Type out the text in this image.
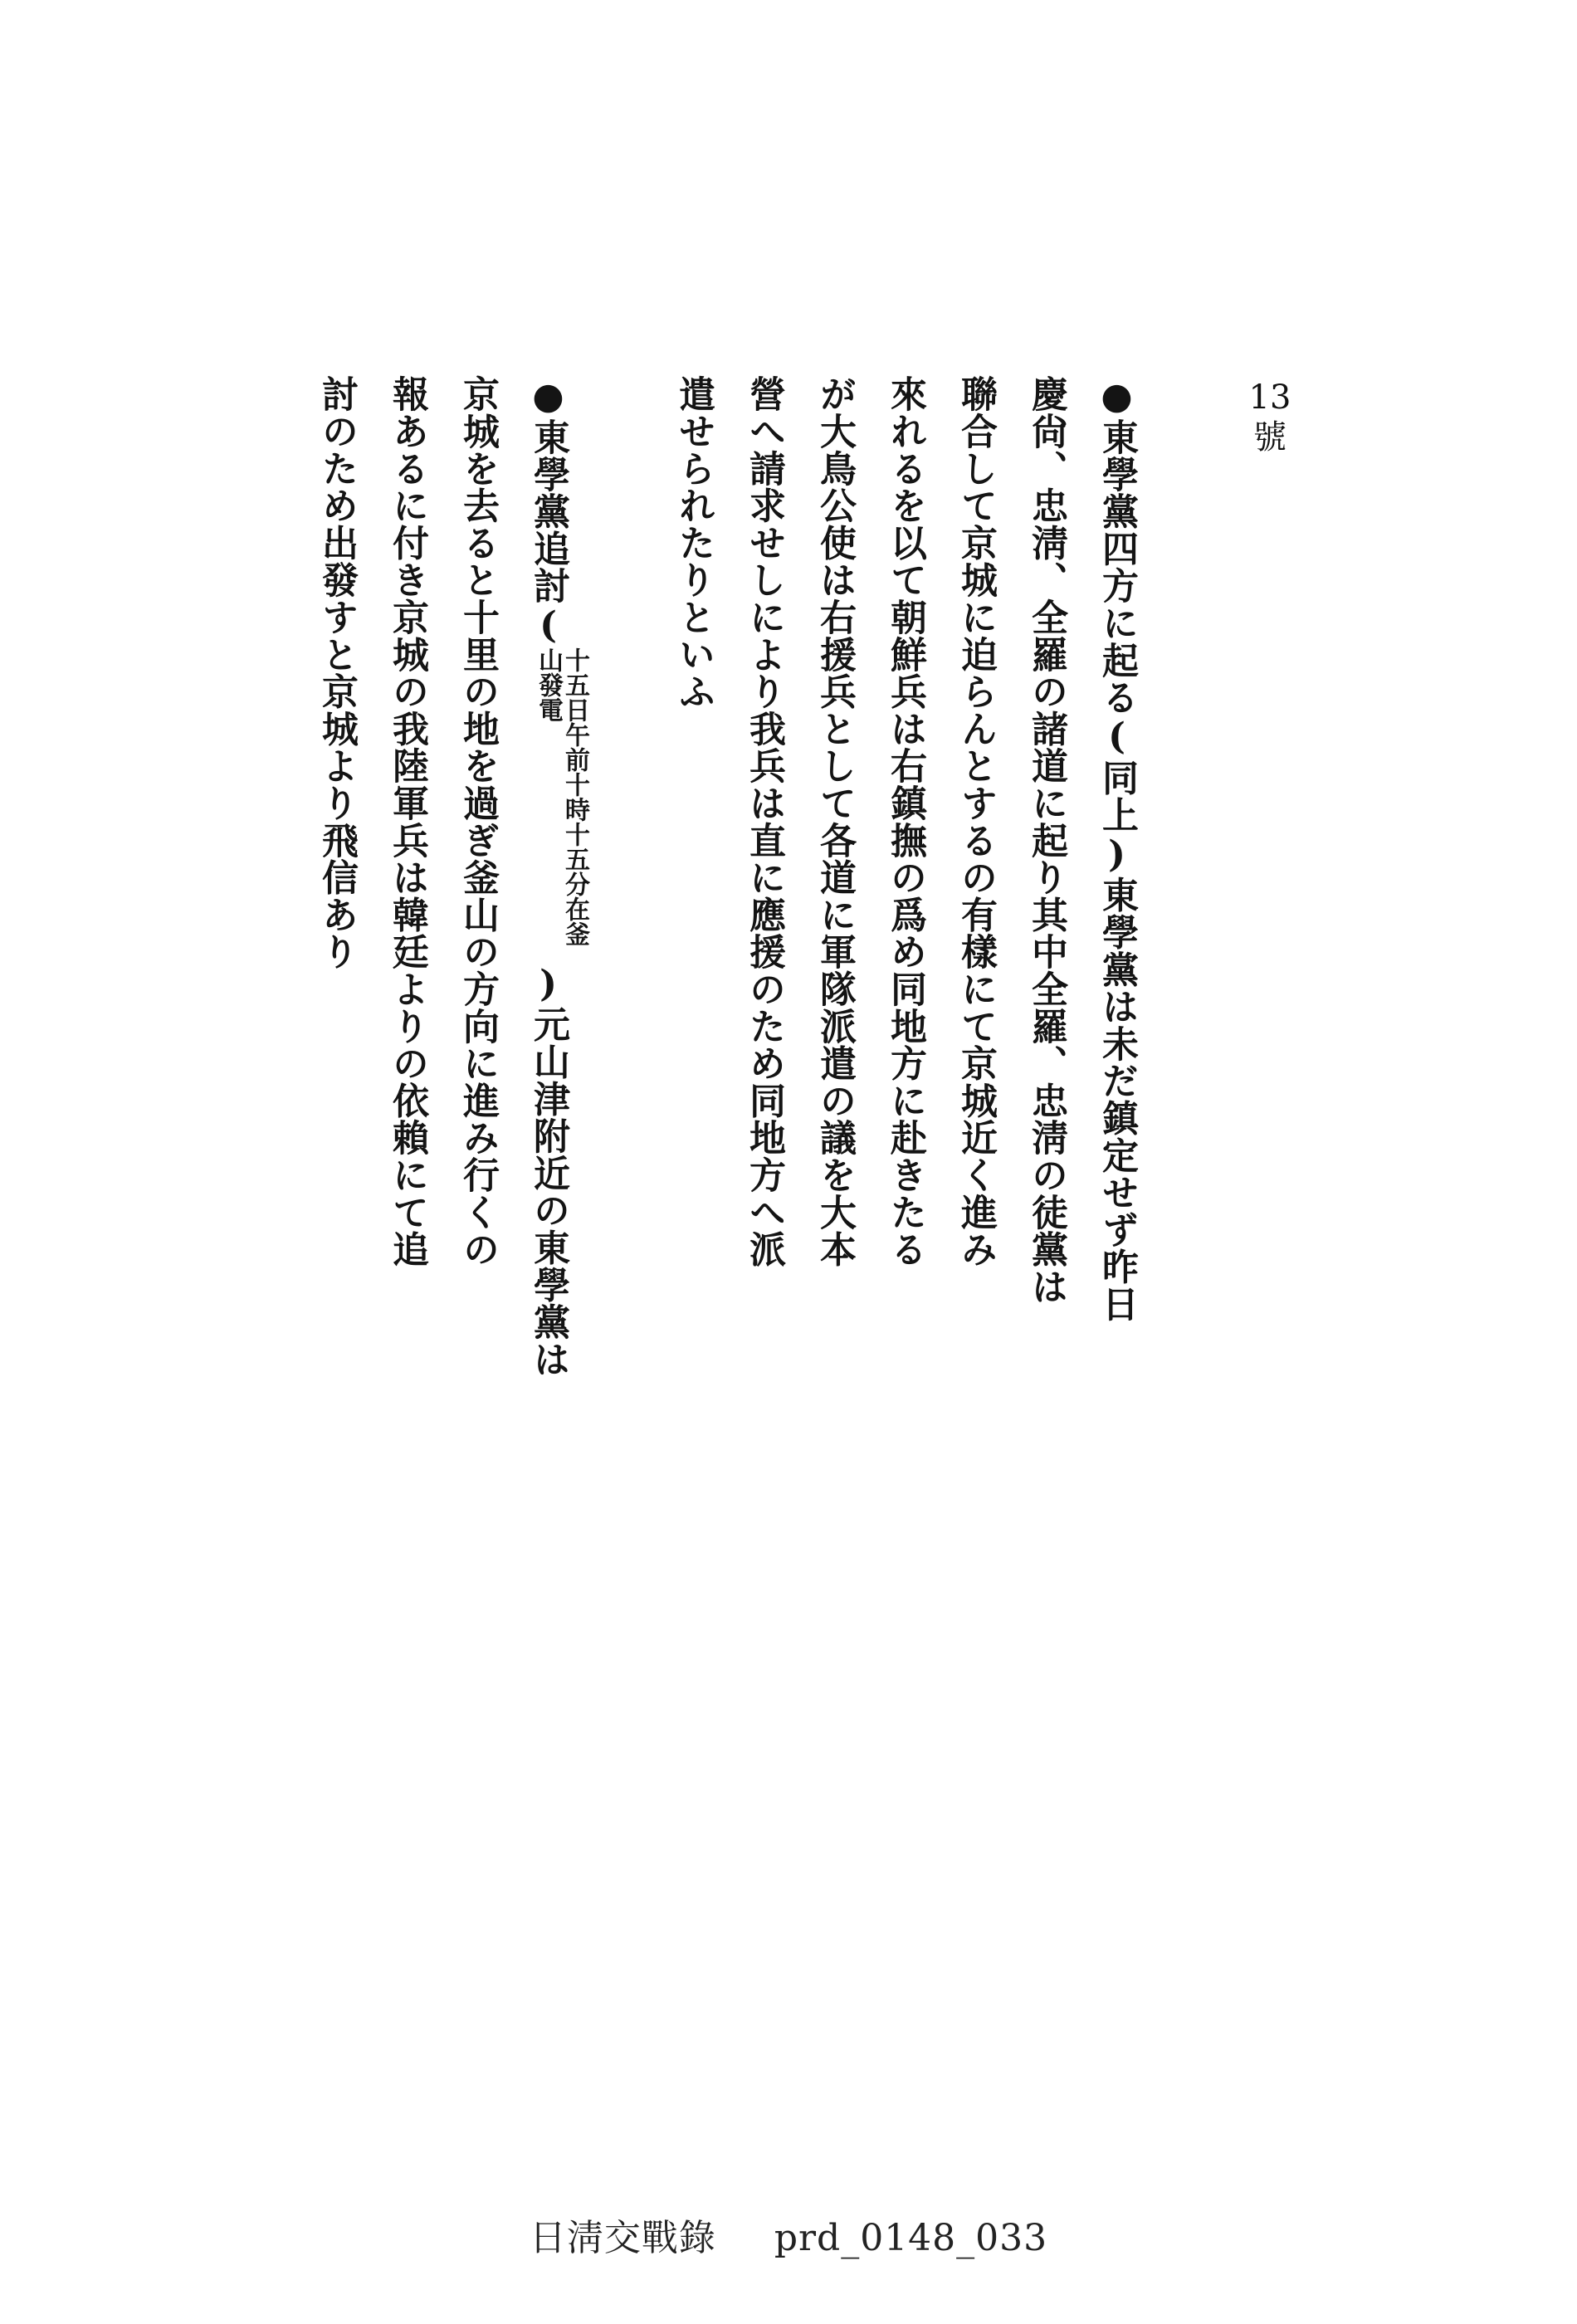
13
號
●東學黨四方に起る(同上)東學黨は未だ鎮定せず昨日
慶尙、忠淸、全羅の諸道に起り其中全羅、忠淸の徒黨は
聯合して京城に迫らんとするの有樣にて京城近く進み
來れるを以て朝鮮兵は右鎮撫の爲め同地方に赴きたる
が大鳥公使は右援兵として各道に軍隊派遣の議を大本
營へ請求せしにより我兵は直に應援のため同地方へ派
遣せられたりといふ
●東學黨追討(十五日午前十時十五分在釜山發電)元山津附近の東學黨は
京城を去ると十里の地を過ぎ釜山の方向に進み行くの
報あるに付き京城の我陸軍兵は韓廷よりの依賴にて追
討のため出發すと京城より飛信あり
日淸交戰錄 prd_0148_033
